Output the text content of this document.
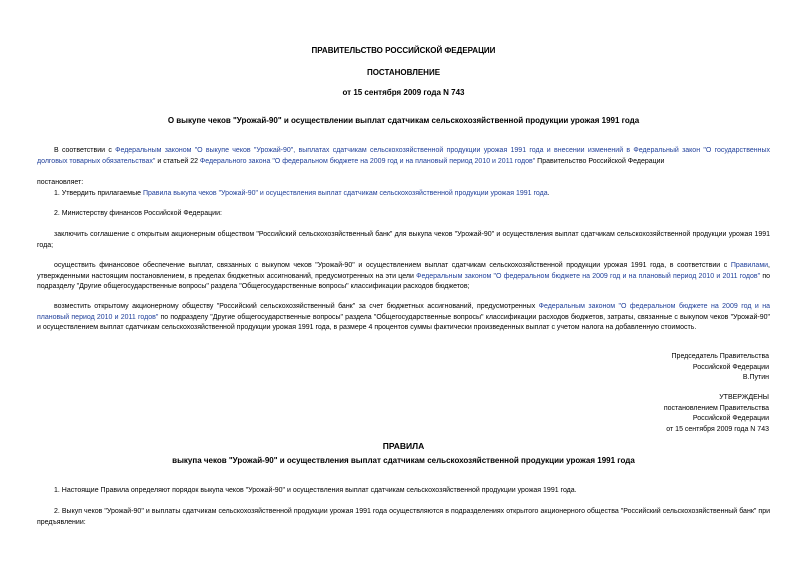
ПРАВИТЕЛЬСТВО РОССИЙСКОЙ ФЕДЕРАЦИИ
ПОСТАНОВЛЕНИЕ
от 15 сентября 2009 года N 743
О выкупе чеков "Урожай-90" и осуществлении выплат сдатчикам сельскохозяйственной продукции урожая 1991 года
В соответствии с Федеральным законом "О выкупе чеков "Урожай-90", выплатах сдатчикам сельскохозяйственной продукции урожая 1991 года и внесении изменений в Федеральный закон "О государственных долговых товарных обязательствах" и статьей 22 Федерального закона "О федеральном бюджете на 2009 год и на плановый период 2010 и 2011 годов" Правительство Российской Федерации
постановляет:
1. Утвердить прилагаемые Правила выкупа чеков "Урожай-90" и осуществления выплат сдатчикам сельскохозяйственной продукции урожая 1991 года.
2. Министерству финансов Российской Федерации:
заключить соглашение с открытым акционерным обществом "Российский сельскохозяйственный банк" для выкупа чеков "Урожай-90" и осуществления выплат сдатчикам сельскохозяйственной продукции урожая 1991 года;
осуществить финансовое обеспечение выплат, связанных с выкупом чеков "Урожай-90" и осуществлением выплат сдатчикам сельскохозяйственной продукции урожая 1991 года, в соответствии с Правилами, утвержденными настоящим постановлением, в пределах бюджетных ассигнований, предусмотренных на эти цели Федеральным законом "О федеральном бюджете на 2009 год и на плановый период 2010 и 2011 годов" по подразделу "Другие общегосударственные вопросы" раздела "Общегосударственные вопросы" классификации расходов бюджетов;
возместить открытому акционерному обществу "Российский сельскохозяйственный банк" за счет бюджетных ассигнований, предусмотренных Федеральным законом "О федеральном бюджете на 2009 год и на плановый период 2010 и 2011 годов" по подразделу "Другие общегосударственные вопросы" раздела "Общегосударственные вопросы" классификации расходов бюджетов, затраты, связанные с выкупом чеков "Урожай-90" и осуществлением выплат сдатчикам сельскохозяйственной продукции урожая 1991 года, в размере 4 процентов суммы фактически произведенных выплат с учетом налога на добавленную стоимость.
Председатель Правительства
Российской Федерации
В.Путин
УТВЕРЖДЕНЫ
постановлением Правительства
Российской Федерации
от 15 сентября 2009 года N 743
ПРАВИЛА
выкупа чеков "Урожай-90" и осуществления выплат сдатчикам сельскохозяйственной продукции урожая 1991 года
1. Настоящие Правила определяют порядок выкупа чеков "Урожай-90" и осуществления выплат сдатчикам сельскохозяйственной продукции урожая 1991 года.
2. Выкуп чеков "Урожай-90" и выплаты сдатчикам сельскохозяйственной продукции урожая 1991 года осуществляются в подразделениях открытого акционерного общества "Российский сельскохозяйственный банк" при предъявлении:
